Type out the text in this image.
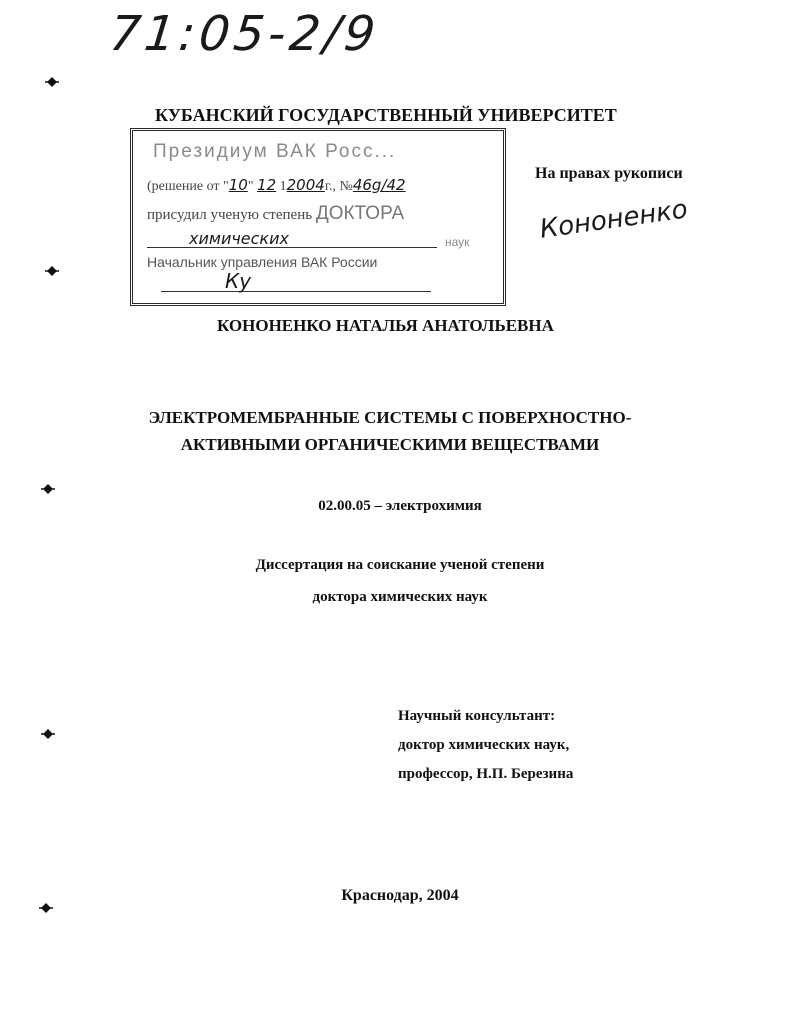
71:05-2/9
КУБАНСКИЙ ГОСУДАРСТВЕННЫЙ УНИВЕРСИТЕТ
Президиум ВАК Росс...
(решение от "10" 12 12004г., №46g/42
присудил ученую степень ДОКТОРА
химических	наук
Начальник управления ВАК России
Ку
На правах рукописи
Кононенко
КОНОНЕНКО НАТАЛЬЯ АНАТОЛЬЕВНА
ЭЛЕКТРОМЕМБРАННЫЕ СИСТЕМЫ С ПОВЕРХНОСТНО-
АКТИВНЫМИ ОРГАНИЧЕСКИМИ ВЕЩЕСТВАМИ
02.00.05 – электрохимия
Диссертация на соискание ученой степени
доктора химических наук
Научный консультант:
доктор химических наук,
профессор, Н.П. Березина
Краснодар, 2004
